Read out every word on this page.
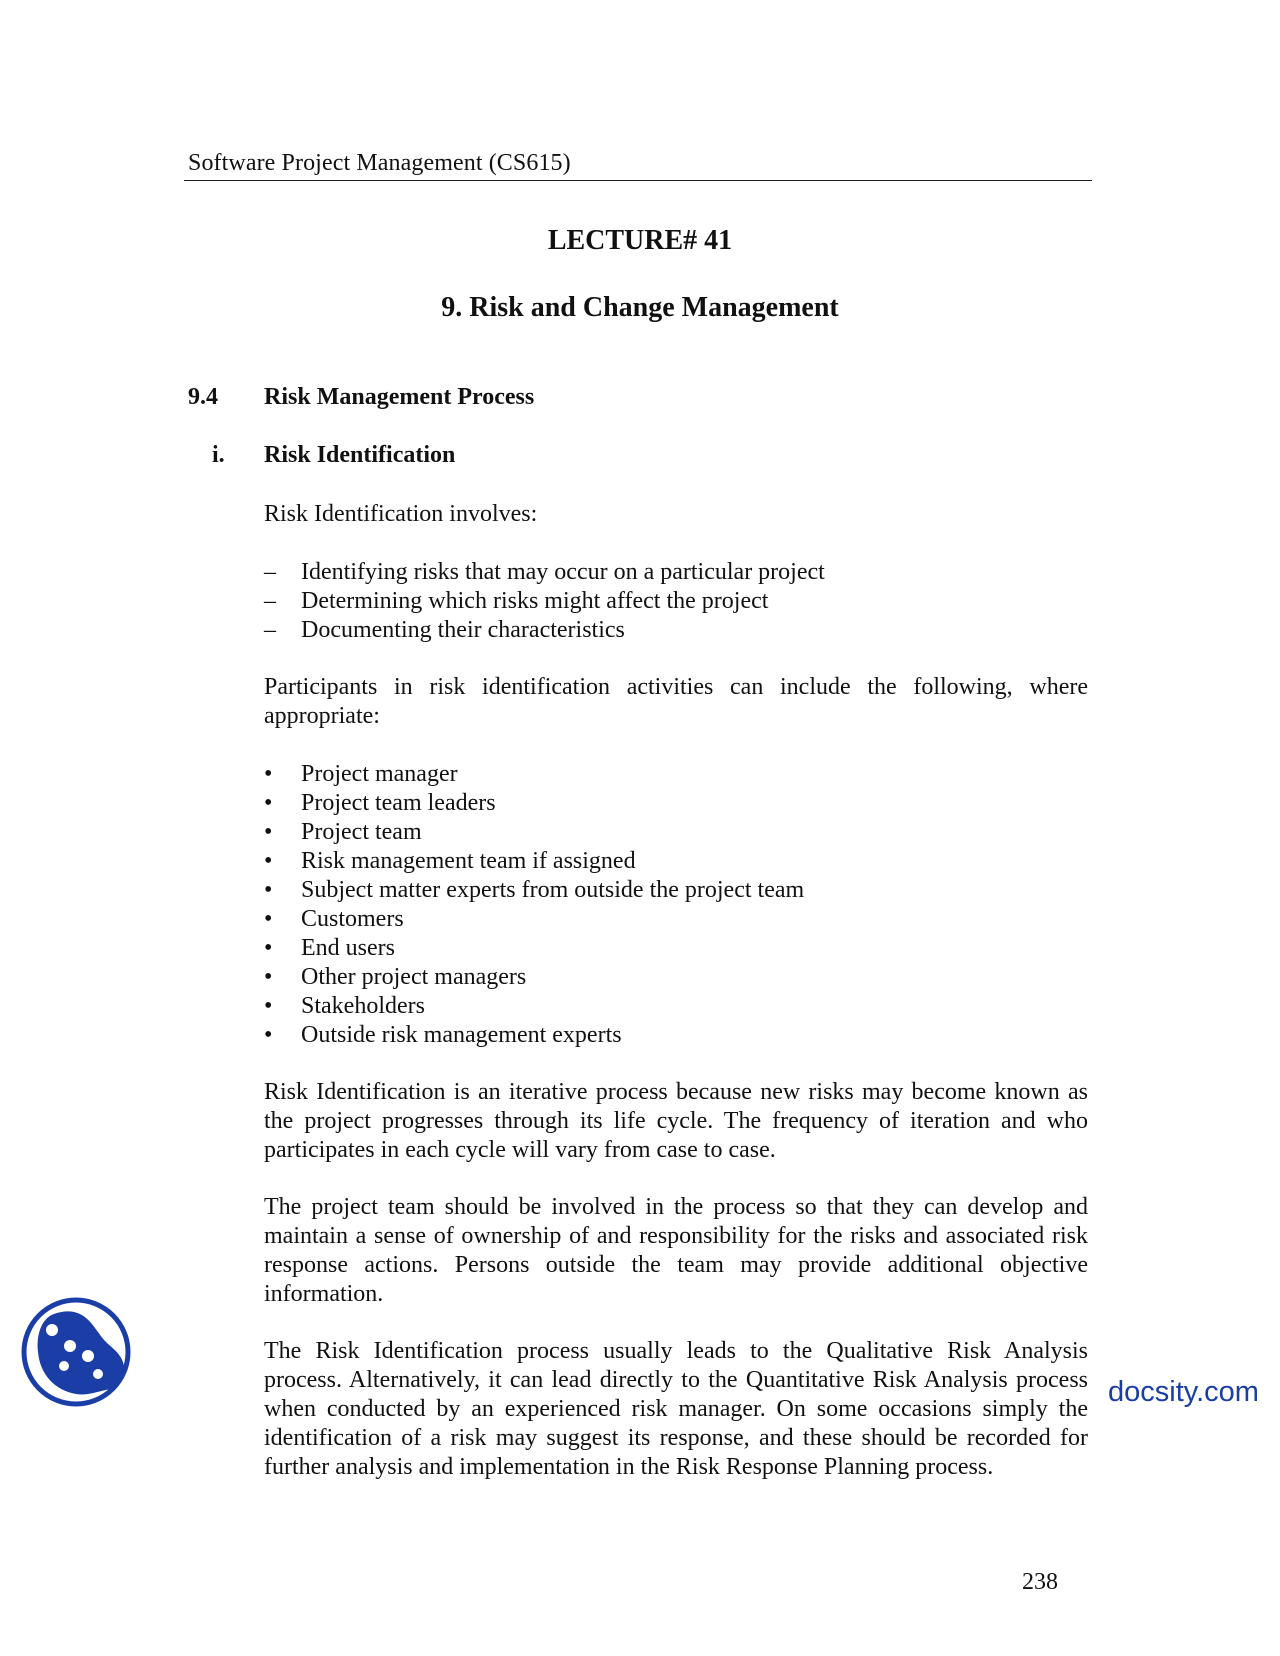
Software Project Management (CS615)
LECTURE# 41
9. Risk and Change Management
9.4 Risk Management Process
i. Risk Identification
Risk Identification involves:
–	Identifying risks that may occur on a particular project
–	Determining which risks might affect the project
–	Documenting their characteristics
Participants in risk identification activities can include the following, where appropriate:
•	Project manager
•	Project team leaders
•	Project team
•	Risk management team if assigned
•	Subject matter experts from outside the project team
•	Customers
•	End users
•	Other project managers
•	Stakeholders
•	Outside risk management experts
Risk Identification is an iterative process because new risks may become known as the project progresses through its life cycle. The frequency of iteration and who participates in each cycle will vary from case to case.
The project team should be involved in the process so that they can develop and maintain a sense of ownership of and responsibility for the risks and associated risk response actions. Persons outside the team may provide additional objective information.
The Risk Identification process usually leads to the Qualitative Risk Analysis process. Alternatively, it can lead directly to the Quantitative Risk Analysis process when conducted by an experienced risk manager. On some occasions simply the identification of a risk may suggest its response, and these should be recorded for further analysis and implementation in the Risk Response Planning process.
docsity.com
238
